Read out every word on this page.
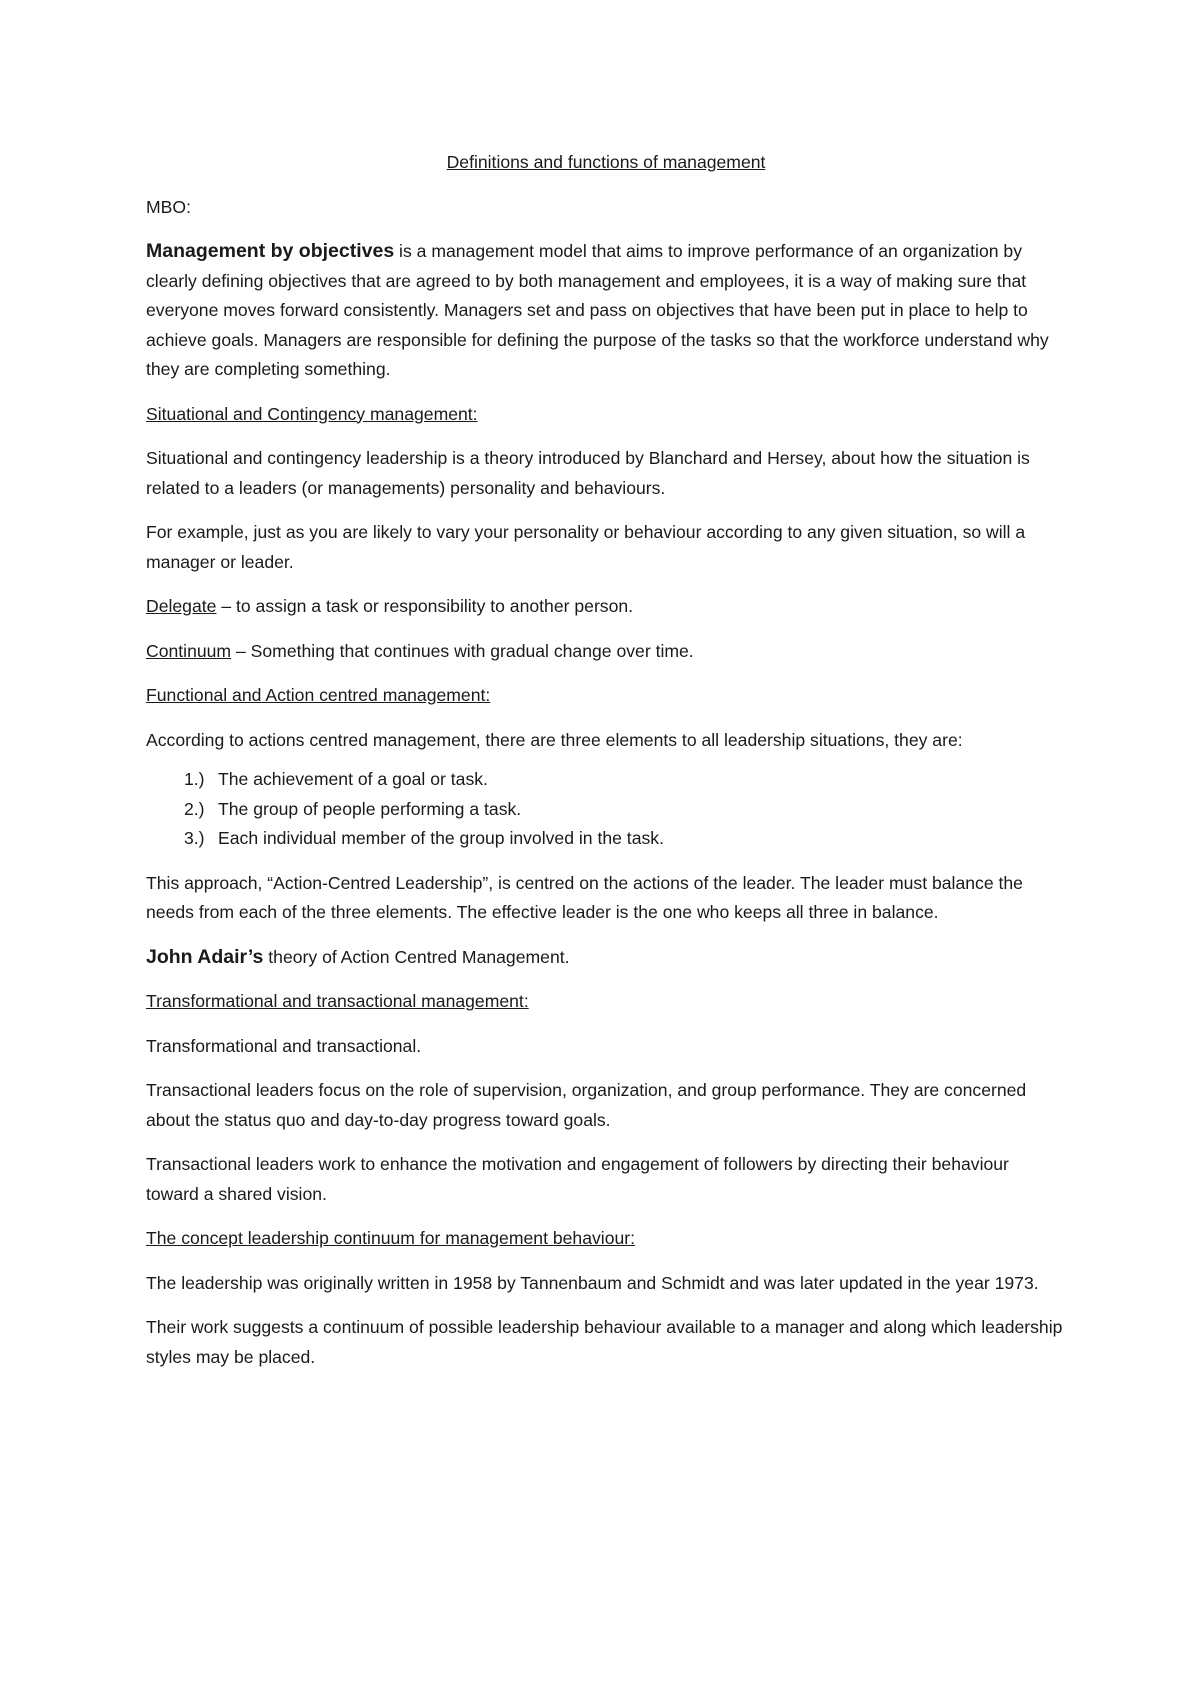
Definitions and functions of management

MBO:

Management by objectives is a management model that aims to improve performance of an organization by clearly defining objectives that are agreed to by both management and employees, it is a way of making sure that everyone moves forward consistently. Managers set and pass on objectives that have been put in place to help to achieve goals. Managers are responsible for defining the purpose of the tasks so that the workforce understand why they are completing something.

Situational and Contingency management:

Situational and contingency leadership is a theory introduced by Blanchard and Hersey, about how the situation is related to a leaders (or managements) personality and behaviours.

For example, just as you are likely to vary your personality or behaviour according to any given situation, so will a manager or leader.

Delegate – to assign a task or responsibility to another person.

Continuum – Something that continues with gradual change over time.

Functional and Action centred management:

According to actions centred management, there are three elements to all leadership situations, they are:

1.) The achievement of a goal or task.
2.) The group of people performing a task.
3.) Each individual member of the group involved in the task.

This approach, “Action-Centred Leadership”, is centred on the actions of the leader. The leader must balance the needs from each of the three elements. The effective leader is the one who keeps all three in balance.

John Adair’s theory of Action Centred Management.

Transformational and transactional management:

Transformational and transactional.

Transactional leaders focus on the role of supervision, organization, and group performance. They are concerned about the status quo and day-to-day progress toward goals.

Transactional leaders work to enhance the motivation and engagement of followers by directing their behaviour toward a shared vision.

The concept leadership continuum for management behaviour:

The leadership was originally written in 1958 by Tannenbaum and Schmidt and was later updated in the year 1973.

Their work suggests a continuum of possible leadership behaviour available to a manager and along which leadership styles may be placed.
